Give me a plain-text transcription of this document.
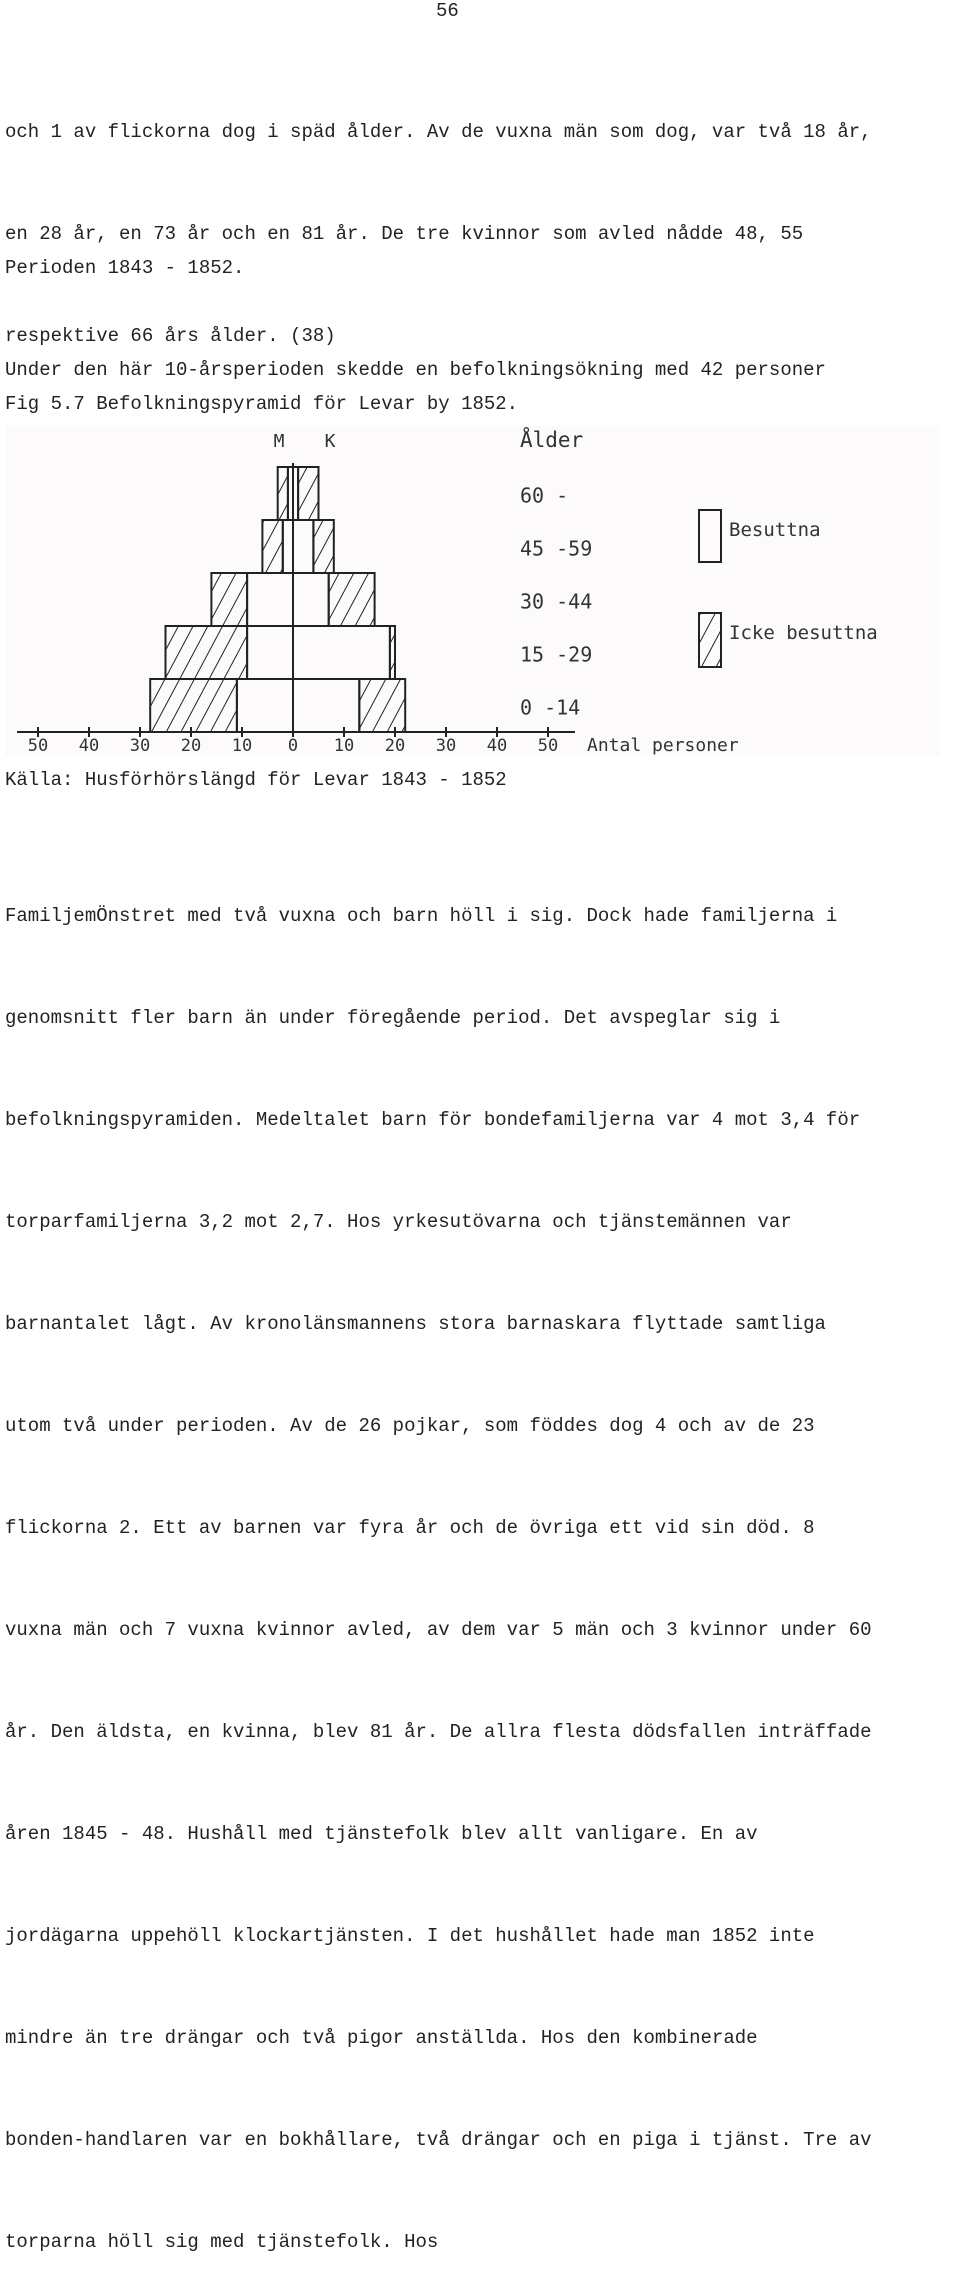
56

och 1 av flickorna dog i späd ålder. Av de vuxna män som dog, var två 18 år,

en 28 år, en 73 år och en 81 år. De tre kvinnor som avled nådde 48, 55

respektive 66 års ålder. (38)

Perioden 1843 - 1852.

Under den här 10-årsperioden skedde en befolkningsökning med 42 personer

Fig 5.7 Befolkningspyramid för Levar by 1852.
M K
50 40 30 20 10 0 10 20 30 40 50 Antal personer
0 -14
15 -29
30 -44
45 -59
60 -
Ålder
Besuttna
Icke besuttna
Källa: Husförhörslängd för Levar 1843 - 1852

FamiljemÖnstret med två vuxna och barn höll i sig. Dock hade familjerna i

genomsnitt fler barn än under föregående period. Det avspeglar sig i

befolkningspyramiden. Medeltalet barn för bondefamiljerna var 4 mot 3,4 för

torparfamiljerna 3,2 mot 2,7. Hos yrkesutövarna och tjänstemännen var

barnantalet lågt. Av kronolänsmannens stora barnaskara flyttade samtliga

utom två under perioden. Av de 26 pojkar, som föddes dog 4 och av de 23

flickorna 2. Ett av barnen var fyra år och de övriga ett vid sin död. 8

vuxna män och 7 vuxna kvinnor avled, av dem var 5 män och 3 kvinnor under 60

år. Den äldsta, en kvinna, blev 81 år. De allra flesta dödsfallen inträffade

åren 1845 - 48. Hushåll med tjänstefolk blev allt vanligare. En av

jordägarna uppehöll klockartjänsten. I det hushållet hade man 1852 inte

mindre än tre drängar och två pigor anställda. Hos den kombinerade

bonden-handlaren var en bokhållare, två drängar och en piga i tjänst. Tre av

torparna höll sig med tjänstefolk. Hos
